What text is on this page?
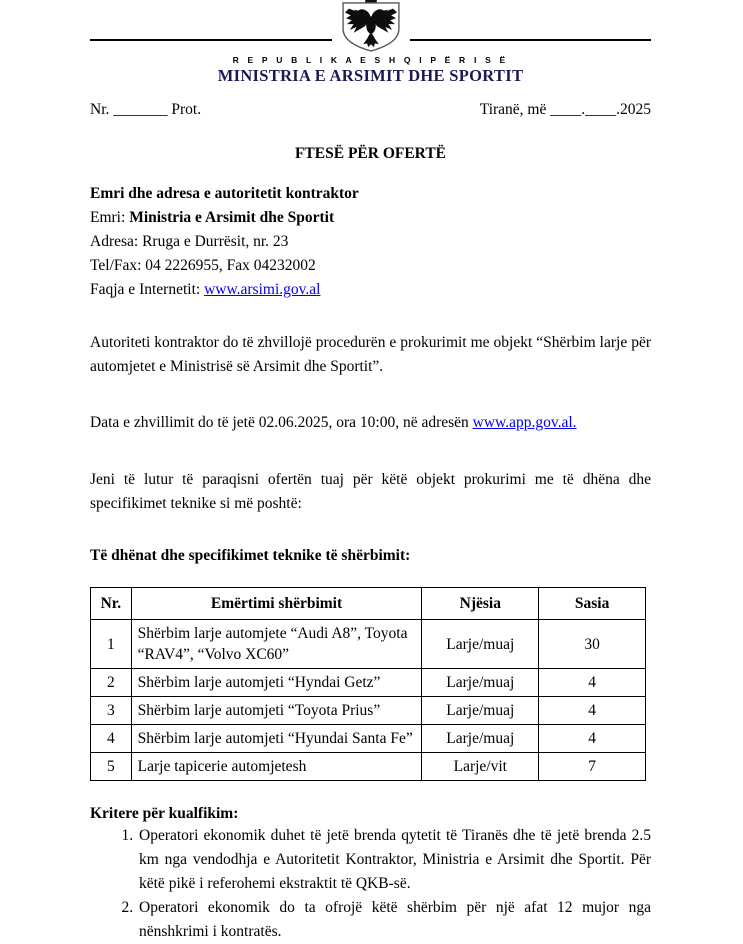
R E P U B L I K A E S H Q I P Ë R I S Ë
MINISTRIA E ARSIMIT DHE SPORTIT
Nr. _______ Prot.	Tiranë, më ____.____.2025
FTESË PËR OFERTË

Emri dhe adresa e autoritetit kontraktor

Emri: Ministria e Arsimit dhe Sportit

Adresa: Rruga e Durrësit, nr. 23

Tel/Fax: 04 2226955, Fax 04232002

Faqja e Internetit: www.arsimi.gov.al

Autoriteti kontraktor do të zhvillojë procedurën e prokurimit me objekt “Shërbim larje për automjetet e Ministrisë së Arsimit dhe Sportit”.

Data e zhvillimit do të jetë 02.06.2025, ora 10:00, në adresën www.app.gov.al.

Jeni të lutur të paraqisni ofertën tuaj për këtë objekt prokurimi me të dhëna dhe specifikimet teknike si më poshtë:

Të dhënat dhe specifikimet teknike të shërbimit:

Nr.	Emërtimi shërbimit	Njësia	Sasia
1	Shërbim larje automjete “Audi A8”, Toyota “RAV4”, “Volvo XC60”	Larje/muaj	30
2	Shërbim larje automjeti “Hyndai Getz”	Larje/muaj	4
3	Shërbim larje automjeti “Toyota Prius”	Larje/muaj	4
4	Shërbim larje automjeti “Hyundai Santa Fe”	Larje/muaj	4
5	Larje tapicerie automjetesh	Larje/vit	7

Kritere për kualfikim:

1. Operatori ekonomik duhet të jetë brenda qytetit të Tiranës dhe të jetë brenda 2.5 km nga vendodhja e Autoritetit Kontraktor, Ministria e Arsimit dhe Sportit. Për këtë pikë i referohemi ekstraktit të QKB-së.
2. Operatori ekonomik do ta ofrojë këtë shërbim për një afat 12 mujor nga nënshkrimi i kontratës.
